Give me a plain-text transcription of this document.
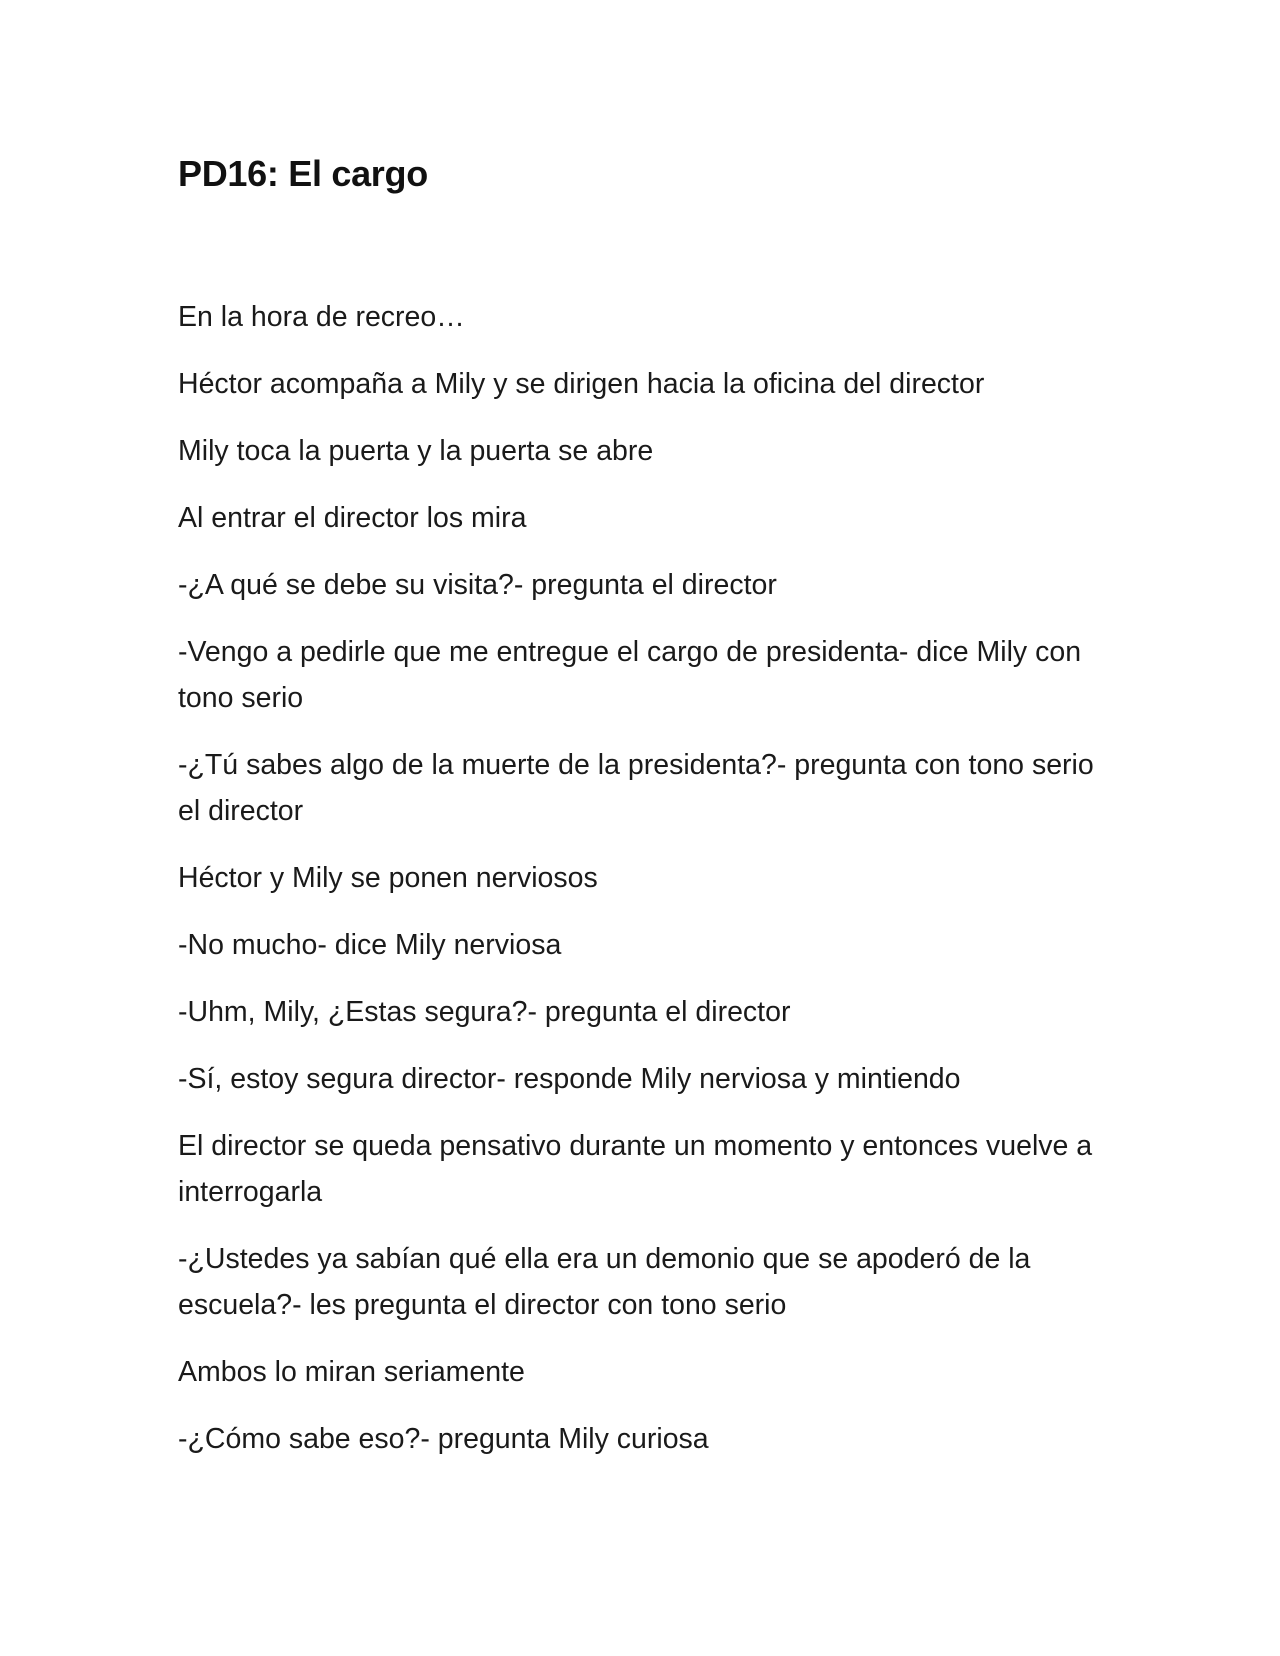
PD16: El cargo

En la hora de recreo…

Héctor acompaña a Mily y se dirigen hacia la oficina del director

Mily toca la puerta y la puerta se abre

Al entrar el director los mira

-¿A qué se debe su visita?- pregunta el director

-Vengo a pedirle que me entregue el cargo de presidenta- dice Mily con tono serio

-¿Tú sabes algo de la muerte de la presidenta?- pregunta con tono serio el director

Héctor y Mily se ponen nerviosos

-No mucho- dice Mily nerviosa

-Uhm, Mily, ¿Estas segura?- pregunta el director

-Sí, estoy segura director- responde Mily nerviosa y mintiendo

El director se queda pensativo durante un momento y entonces vuelve a interrogarla

-¿Ustedes ya sabían qué ella era un demonio que se apoderó de la escuela?- les pregunta el director con tono serio

Ambos lo miran seriamente

-¿Cómo sabe eso?- pregunta Mily curiosa
